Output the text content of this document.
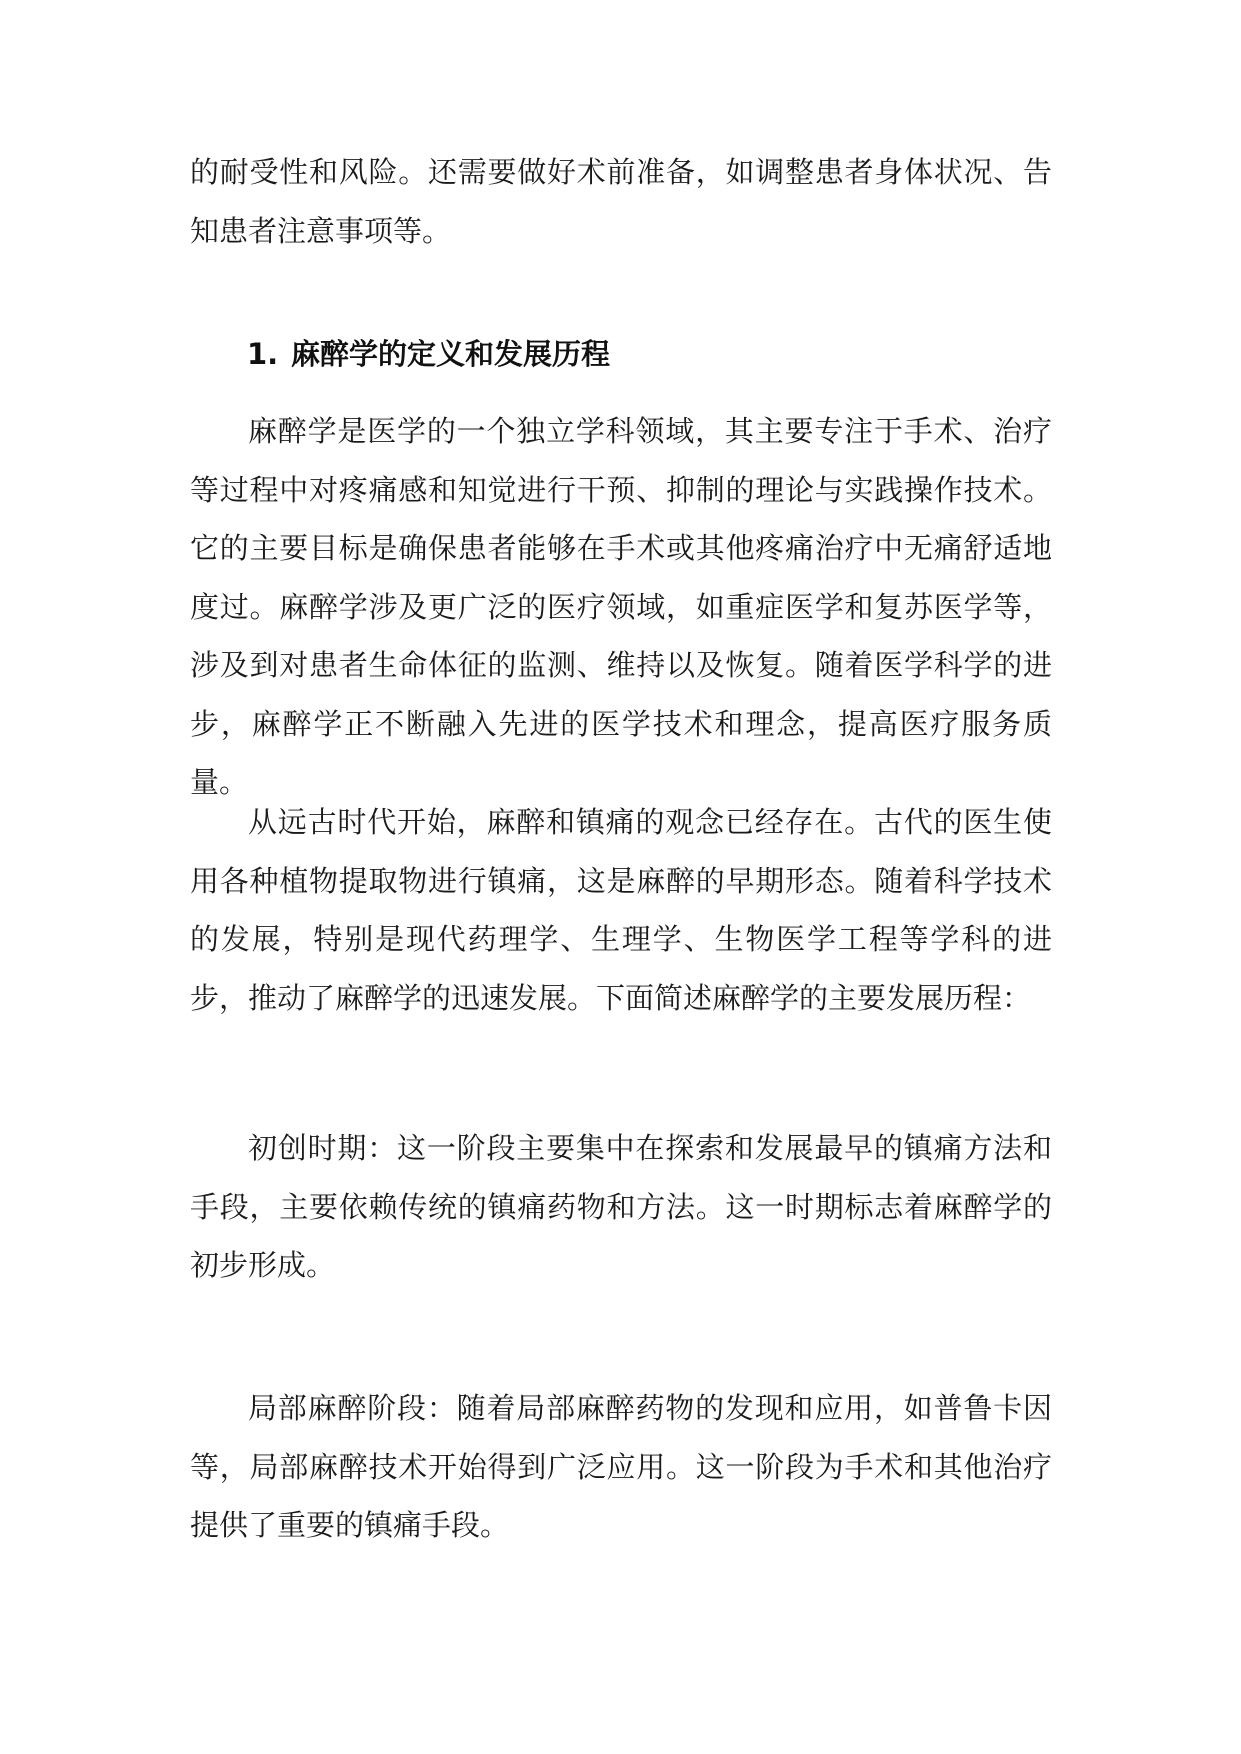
的耐受性和风险。还需要做好术前准备，如调整患者身体状况、告知患者注意事项等。

1. 麻醉学的定义和发展历程

麻醉学是医学的一个独立学科领域，其主要专注于手术、治疗等过程中对疼痛感和知觉进行干预、抑制的理论与实践操作技术。它的主要目标是确保患者能够在手术或其他疼痛治疗中无痛舒适地度过。麻醉学涉及更广泛的医疗领域，如重症医学和复苏医学等，涉及到对患者生命体征的监测、维持以及恢复。随着医学科学的进步，麻醉学正不断融入先进的医学技术和理念，提高医疗服务质量。

从远古时代开始，麻醉和镇痛的观念已经存在。古代的医生使用各种植物提取物进行镇痛，这是麻醉的早期形态。随着科学技术的发展，特别是现代药理学、生理学、生物医学工程等学科的进步，推动了麻醉学的迅速发展。下面简述麻醉学的主要发展历程：

初创时期：这一阶段主要集中在探索和发展最早的镇痛方法和手段，主要依赖传统的镇痛药物和方法。这一时期标志着麻醉学的初步形成。

局部麻醉阶段：随着局部麻醉药物的发现和应用，如普鲁卡因等，局部麻醉技术开始得到广泛应用。这一阶段为手术和其他治疗提供了重要的镇痛手段。
